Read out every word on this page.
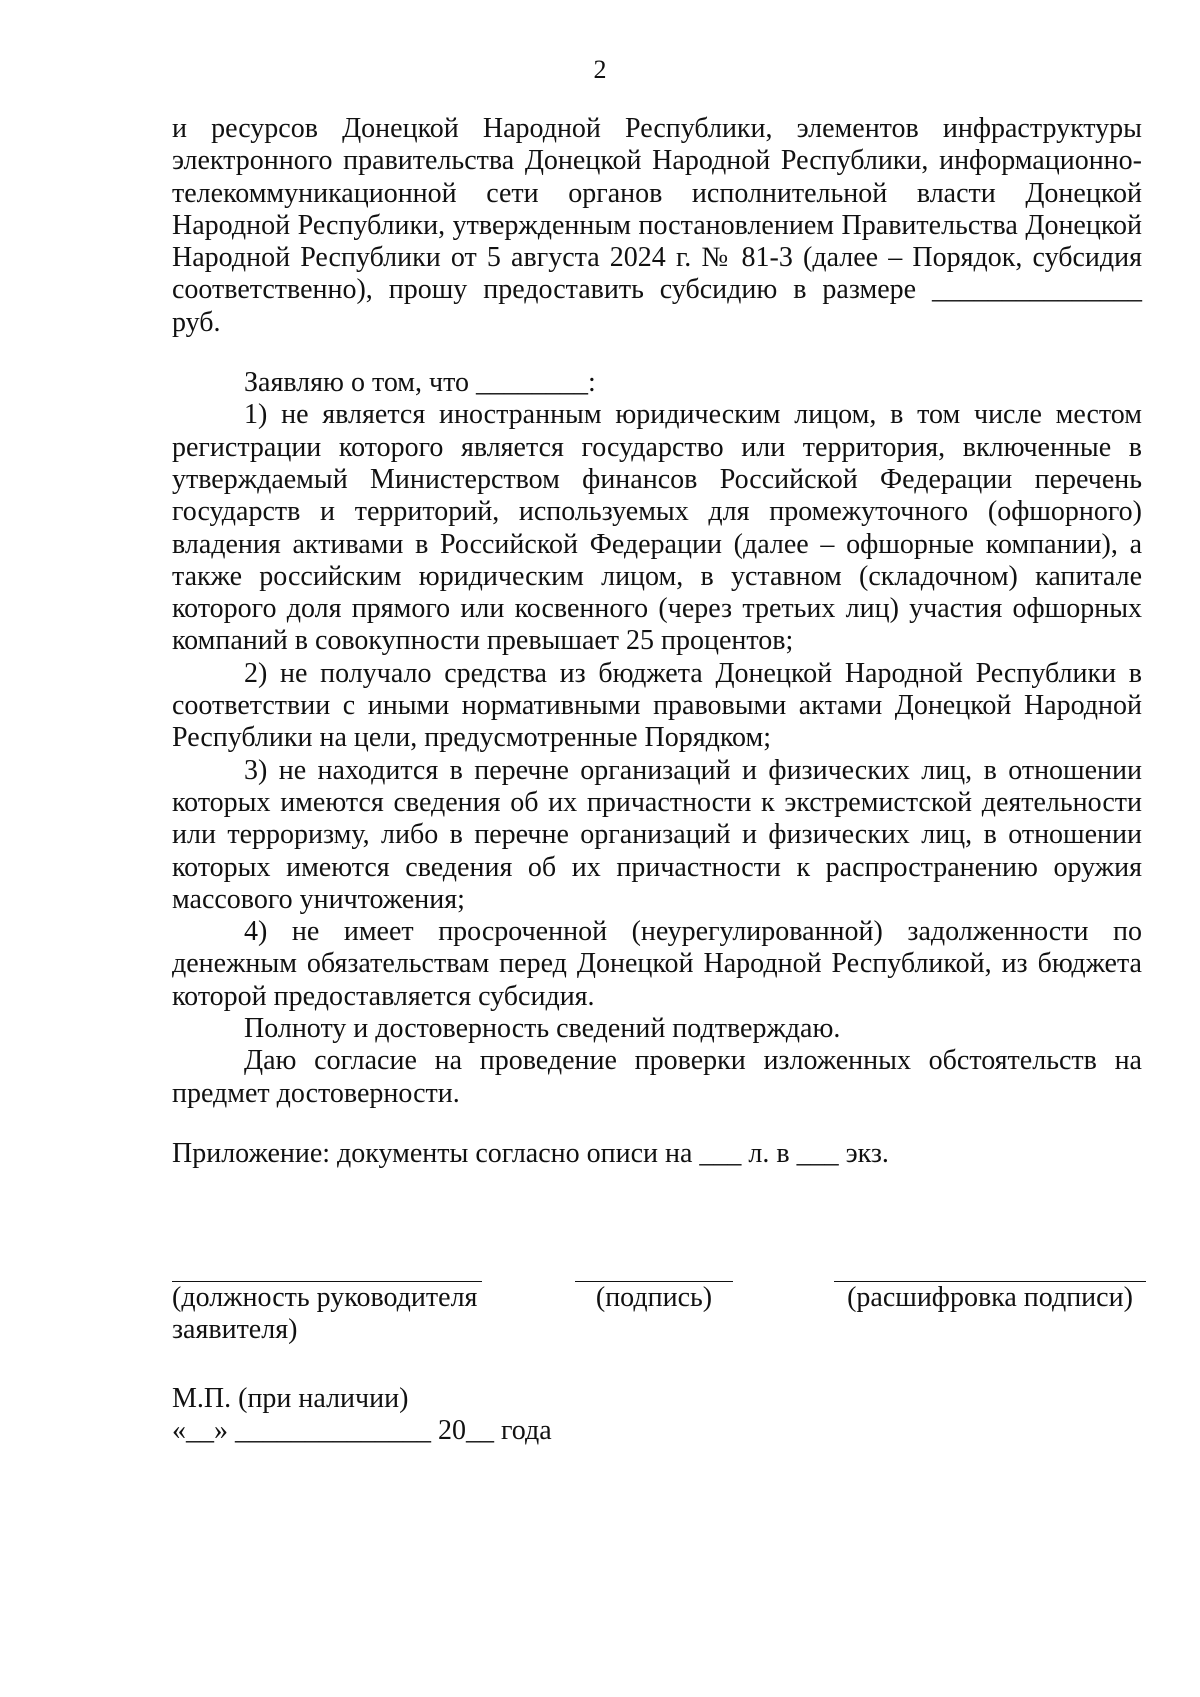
2

и ресурсов Донецкой Народной Республики, элементов инфраструктуры электронного правительства Донецкой Народной Республики, информационно-телекоммуникационной сети органов исполнительной власти Донецкой Народной Республики, утвержденным постановлением Правительства Донецкой Народной Республики от 5 августа 2024 г. № 81-3 (далее – Порядок, субсидия соответственно), прошу предоставить субсидию в размере _______________ руб.

Заявляю о том, что ________:

1) не является иностранным юридическим лицом, в том числе местом регистрации которого является государство или территория, включенные в утверждаемый Министерством финансов Российской Федерации перечень государств и территорий, используемых для промежуточного (офшорного) владения активами в Российской Федерации (далее – офшорные компании), а также российским юридическим лицом, в уставном (складочном) капитале которого доля прямого или косвенного (через третьих лиц) участия офшорных компаний в совокупности превышает 25 процентов;

2) не получало средства из бюджета Донецкой Народной Республики в соответствии с иными нормативными правовыми актами Донецкой Народной Республики на цели, предусмотренные Порядком;

3) не находится в перечне организаций и физических лиц, в отношении которых имеются сведения об их причастности к экстремистской деятельности или терроризму, либо в перечне организаций и физических лиц, в отношении которых имеются сведения об их причастности к распространению оружия массового уничтожения;

4) не имеет просроченной (неурегулированной) задолженности по денежным обязательствам перед Донецкой Народной Республикой, из бюджета которой предоставляется субсидия.

Полноту и достоверность сведений подтверждаю.

Даю согласие на проведение проверки изложенных обстоятельств на предмет достоверности.

Приложение: документы согласно описи на ___ л. в ___ экз.

(должность руководителя заявителя)
(подпись)	(расшифровка подписи)
М.П. (при наличии)
«__» ______________ 20__ года
